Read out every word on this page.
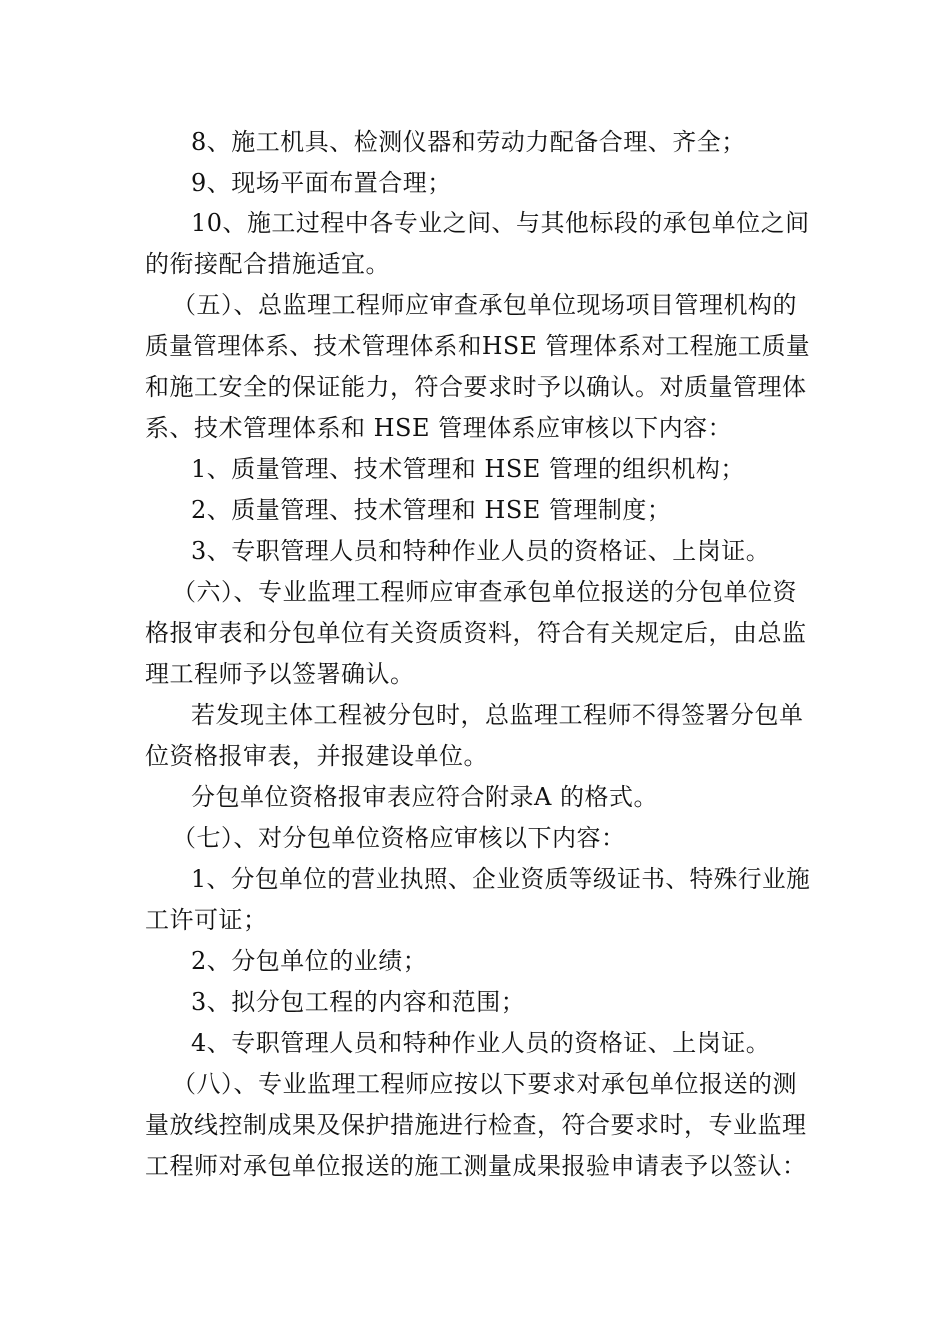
8、施工机具、检测仪器和劳动力配备合理、齐全；
9、现场平面布置合理；
10、施工过程中各专业之间、与其他标段的承包单位之间
的衔接配合措施适宜。
（五）、总监理工程师应审查承包单位现场项目管理机构的
质量管理体系、技术管理体系和HSE 管理体系对工程施工质量
和施工安全的保证能力，符合要求时予以确认。对质量管理体
系、技术管理体系和 HSE 管理体系应审核以下内容：
1、质量管理、技术管理和 HSE 管理的组织机构；
2、质量管理、技术管理和 HSE 管理制度；
3、专职管理人员和特种作业人员的资格证、上岗证。
（六）、专业监理工程师应审查承包单位报送的分包单位资
格报审表和分包单位有关资质资料，符合有关规定后，由总监
理工程师予以签署确认。
若发现主体工程被分包时，总监理工程师不得签署分包单
位资格报审表，并报建设单位。
分包单位资格报审表应符合附录A 的格式。
（七）、对分包单位资格应审核以下内容：
1、分包单位的营业执照、企业资质等级证书、特殊行业施
工许可证；
2、分包单位的业绩；
3、拟分包工程的内容和范围；
4、专职管理人员和特种作业人员的资格证、上岗证。
（八）、专业监理工程师应按以下要求对承包单位报送的测
量放线控制成果及保护措施进行检查，符合要求时，专业监理
工程师对承包单位报送的施工测量成果报验申请表予以签认：
